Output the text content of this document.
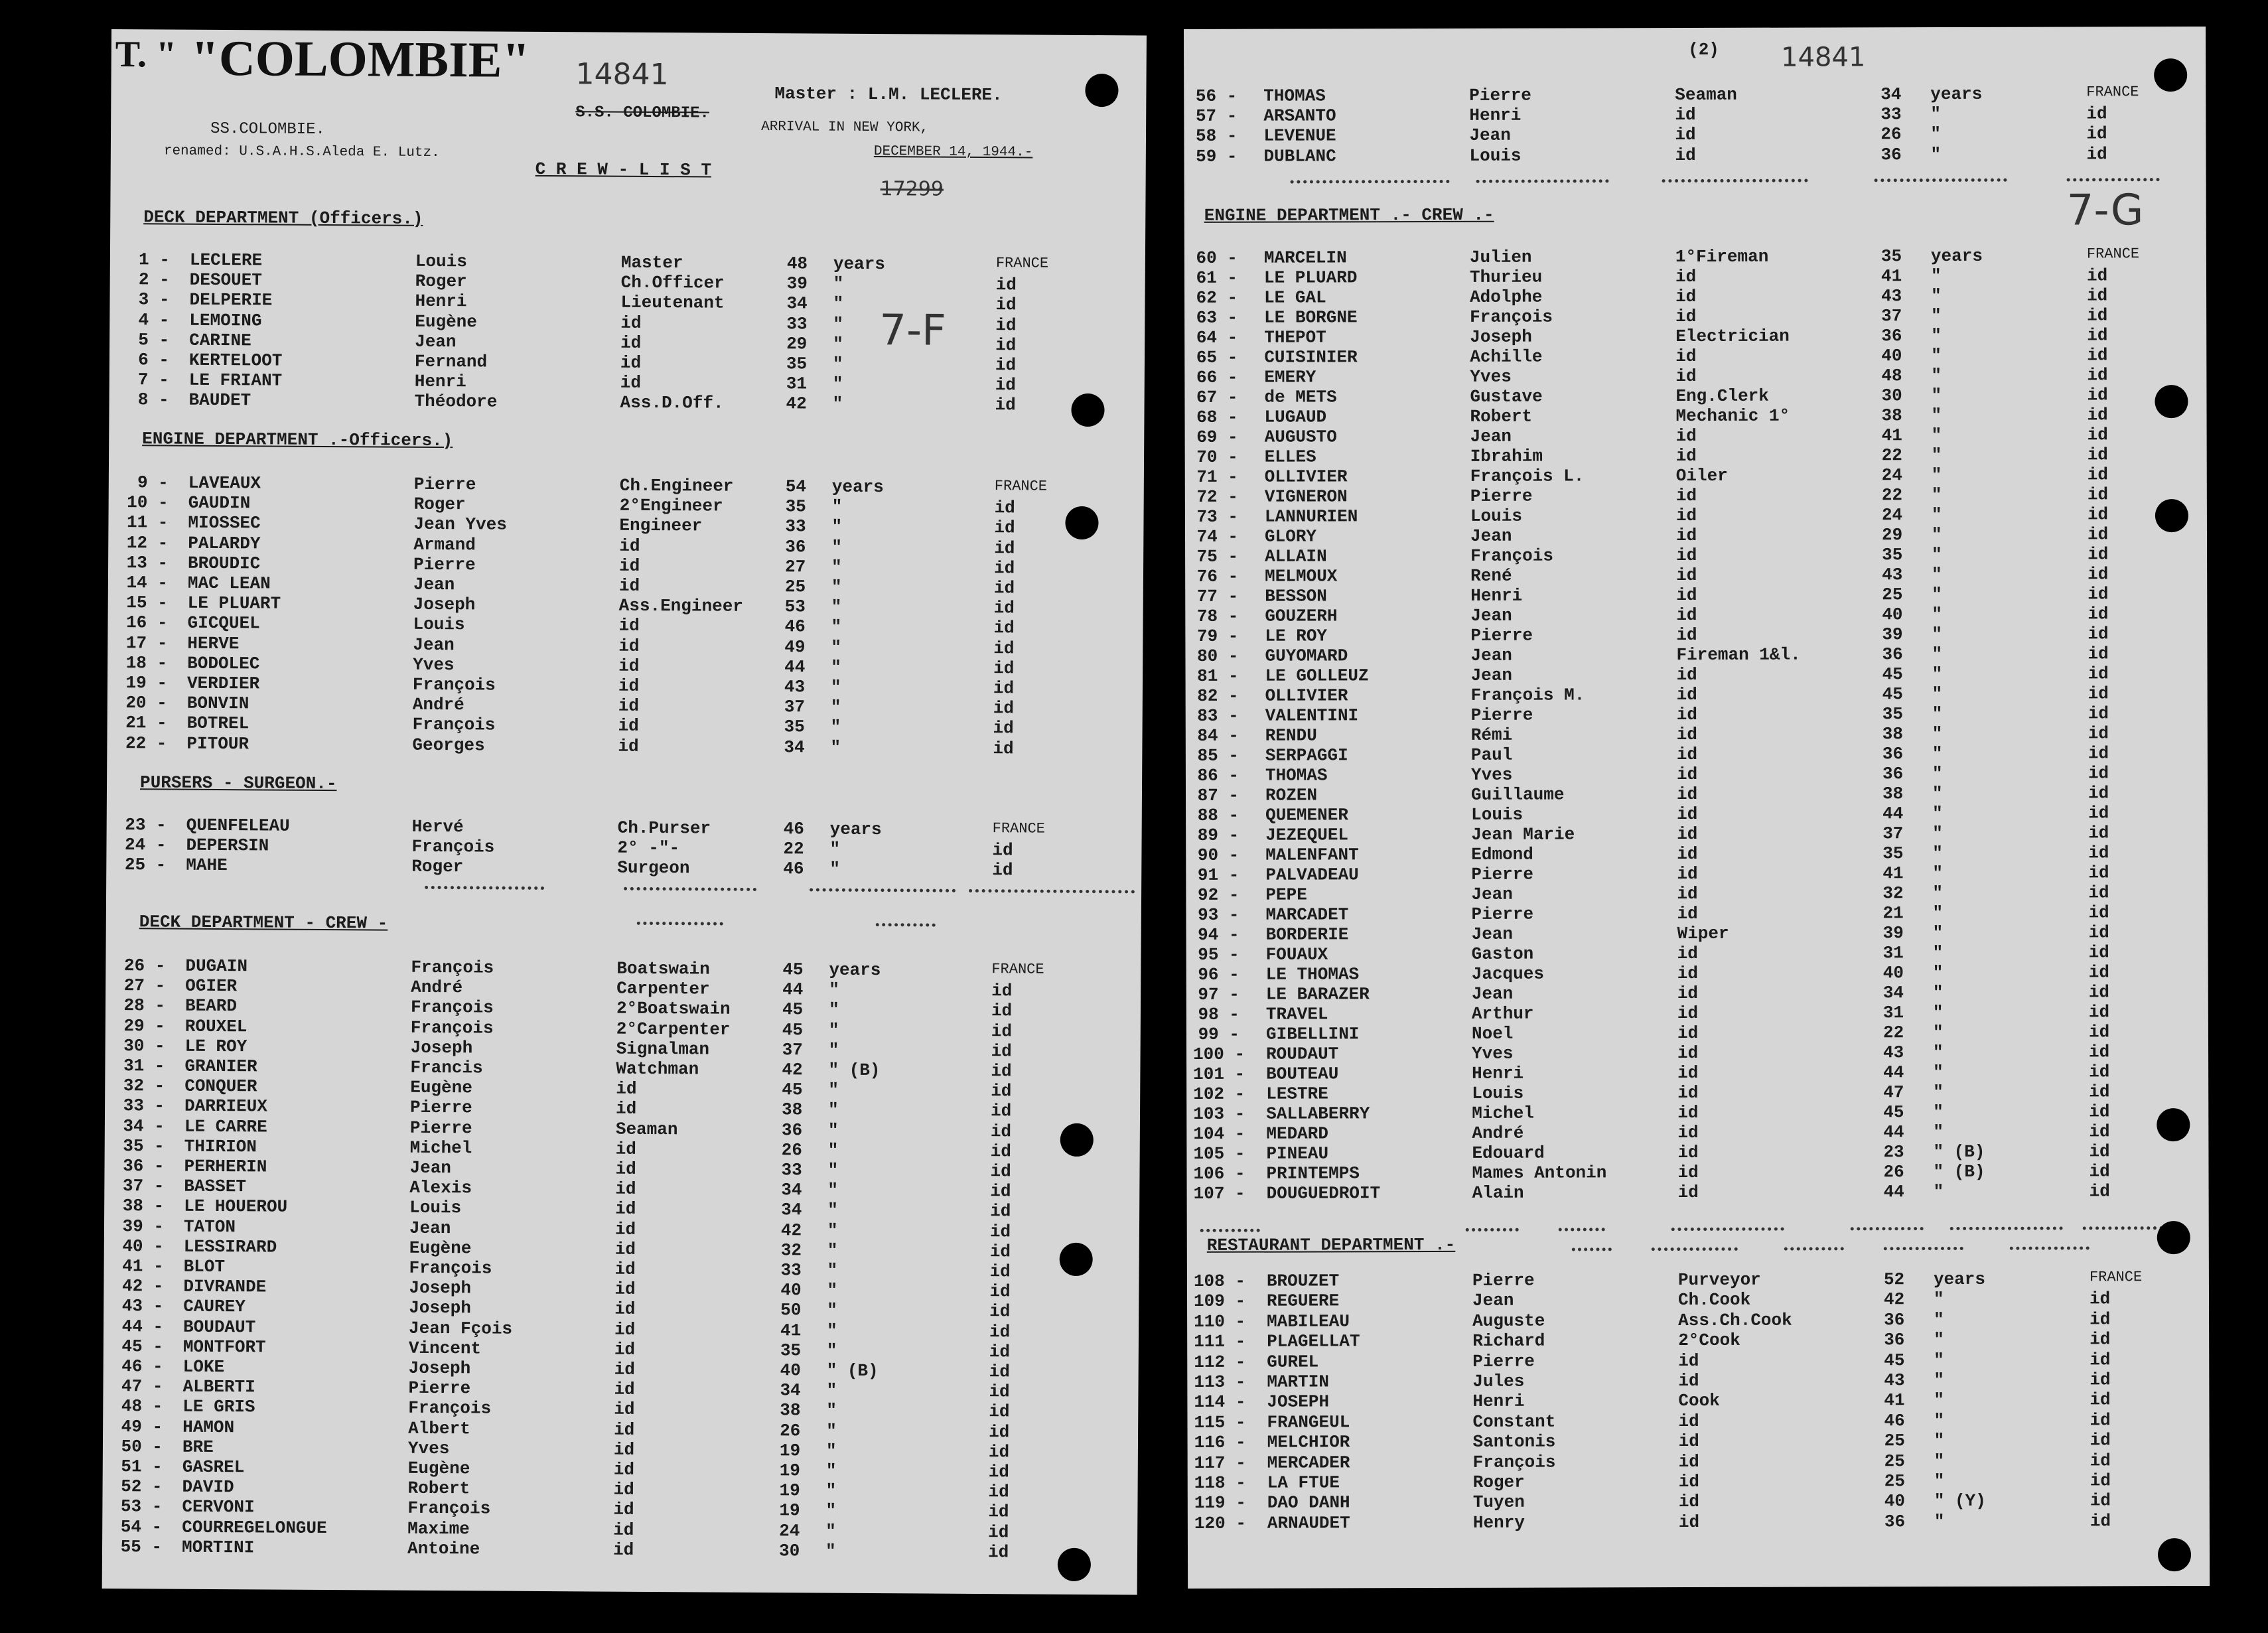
T. " "COLOMBIE" 14841
S.S. COLOMBIE.
SS.COLOMBIE.
renamed: U.S.A.H.S.Aleda E. Lutz.
Master : L.M. LECLERE.
ARRIVAL IN NEW YORK,
DECEMBER 14, 1944.-
C R E W - L I S T
17299
7-F
DECK DEPARTMENT (Officers.)
1 - LECLERE	Louis	Master	48 years	FRANCE
2 - DESOUET	Roger	Ch.Officer	39 "	id
3 - DELPERIE	Henri	Lieutenant	34 "	id
4 - LEMOING	Eugène	id	33 "	id
5 - CARINE	Jean	id	29 "	id
6 - KERTELOOT	Fernand	id	35 "	id
7 - LE FRIANT	Henri	id	31 "	id
8 - BAUDET	Théodore	Ass.D.Off.	42 "	id
ENGINE DEPARTMENT .-Officers.)
9 - LAVEAUX	Pierre	Ch.Engineer	54 years	FRANCE
10 - GAUDIN	Roger	2°Engineer	35 "	id
11 - MIOSSEC	Jean Yves	Engineer	33 "	id
12 - PALARDY	Armand	id	36 "	id
13 - BROUDIC	Pierre	id	27 "	id
14 - MAC LEAN	Jean	id	25 "	id
15 - LE PLUART	Joseph	Ass.Engineer 53 "	id
16 - GICQUEL	Louis	id	46 "	id
17 - HERVE	Jean	id	49 "	id
18 - BODOLEC	Yves	id	44 "	id
19 - VERDIER	François	id	43 "	id
20 - BONVIN	André	id	37 "	id
21 - BOTREL	François	id	35 "	id
22 - PITOUR	Georges	id	34 "	id
PURSERS - SURGEON.-
23 - QUENFELEAU	Hervé	Ch.Purser	46 years	FRANCE
24 - DEPERSIN	François	2° -"-	22 "	id
25 - MAHE	Roger	Surgeon	46 "	id
DECK DEPARTMENT - CREW -
26 - DUGAIN	François	Boatswain	45 years	FRANCE
27 - OGIER	André	Carpenter	44 "	id
28 - BEARD	François	2°Boatswain	45 "	id
29 - ROUXEL	François	2°Carpenter	45 "	id
30 - LE ROY	Joseph	Signalman	37 "	id
31 - GRANIER	Francis	Watchman	42 " (B)	id
32 - CONQUER	Eugène	id	45 "	id
33 - DARRIEUX	Pierre	id	38 "	id
34 - LE CARRE	Pierre	Seaman	36 "	id
35 - THIRION	Michel	id	26 "	id
36 - PERHERIN	Jean	id	33 "	id
37 - BASSET	Alexis	id	34 "	id
38 - LE HOUEROU	Louis	id	34 "	id
39 - TATON	Jean	id	42 "	id
40 - LESSIRARD	Eugène	id	32 "	id
41 - BLOT	François	id	33 "	id
42 - DIVRANDE	Joseph	id	40 "	id
43 - CAUREY	Joseph	id	50 "	id
44 - BOUDAUT	Jean Fçois	id	41 "	id
45 - MONTFORT	Vincent	id	35 "	id
46 - LOKE	Joseph	id	40 " (B)	id
47 - ALBERTI	Pierre	id	34 "	id
48 - LE GRIS	François	id	38 "	id
49 - HAMON	Albert	id	26 "	id
50 - BRE	Yves	id	19 "	id
51 - GASREL	Eugène	id	19 "	id
52 - DAVID	Robert	id	19 "	id
53 - CERVONI	François	id	19 "	id
54 - COURREGELONGUE	Maxime	id	24 "	id
55 - MORTINI	Antoine	id	30 "	id
(2) 14841
7-G
56 - THOMAS	Pierre	Seaman	34 years	FRANCE
57 - ARSANTO	Henri	id	33 "	id
58 - LEVENUE	Jean	id	26 "	id
59 - DUBLANC	Louis	id	36 "	id
ENGINE DEPARTMENT .- CREW .-
60 - MARCELIN	Julien	1°Fireman	35 years	FRANCE
61 - LE PLUARD	Thurieu	id	41 "	id
62 - LE GAL	Adolphe	id	43 "	id
63 - LE BORGNE	François	id	37 "	id
64 - THEPOT	Joseph	Electrician	36 "	id
65 - CUISINIER	Achille	id	40 "	id
66 - EMERY	Yves	id	48 "	id
67 - de METS	Gustave	Eng.Clerk	30 "	id
68 - LUGAUD	Robert	Mechanic 1°	38 "	id
69 - AUGUSTO	Jean	id	41 "	id
70 - ELLES	Ibrahim	id	22 "	id
71 - OLLIVIER	François L.	Oiler	24 "	id
72 - VIGNERON	Pierre	id	22 "	id
73 - LANNURIEN	Louis	id	24 "	id
74 - GLORY	Jean	id	29 "	id
75 - ALLAIN	François	id	35 "	id
76 - MELMOUX	René	id	43 "	id
77 - BESSON	Henri	id	25 "	id
78 - GOUZERH	Jean	id	40 "	id
79 - LE ROY	Pierre	id	39 "	id
80 - GUYOMARD	Jean	Fireman 1&l.	36 "	id
81 - LE GOLLEUZ	Jean	id	45 "	id
82 - OLLIVIER	François M.	id	45 "	id
83 - VALENTINI	Pierre	id	35 "	id
84 - RENDU	Rémi	id	38 "	id
85 - SERPAGGI	Paul	id	36 "	id
86 - THOMAS	Yves	id	36 "	id
87 - ROZEN	Guillaume	id	38 "	id
88 - QUEMENER	Louis	id	44 "	id
89 - JEZEQUEL	Jean Marie	id	37 "	id
90 - MALENFANT	Edmond	id	35 "	id
91 - PALVADEAU	Pierre	id	41 "	id
92 - PEPE	Jean	id	32 "	id
93 - MARCADET	Pierre	id	21 "	id
94 - BORDERIE	Jean	Wiper	39 "	id
95 - FOUAUX	Gaston	id	31 "	id
96 - LE THOMAS	Jacques	id	40 "	id
97 - LE BARAZER	Jean	id	34 "	id
98 - TRAVEL	Arthur	id	31 "	id
99 - GIBELLINI	Noel	id	22 "	id
100 - ROUDAUT	Yves	id	43 "	id
101 - BOUTEAU	Henri	id	44 "	id
102 - LESTRE	Louis	id	47 "	id
103 - SALLABERRY	Michel	id	45 "	id
104 - MEDARD	André	id	44 "	id
105 - PINEAU	Edouard	id	23 " (B)	id
106 - PRINTEMPS	Mames Antonin	id	26 " (B)	id
107 - DOUGUEDROIT	Alain	id	44 "	id
RESTAURANT DEPARTMENT .-
108 - BROUZET	Pierre	Purveyor	52 years	FRANCE
109 - REGUERE	Jean	Ch.Cook	42 "	id
110 - MABILEAU	Auguste	Ass.Ch.Cook	36 "	id
111 - PLAGELLAT	Richard	2°Cook	36 "	id
112 - GUREL	Pierre	id	45 "	id
113 - MARTIN	Jules	id	43 "	id
114 - JOSEPH	Henri	Cook	41 "	id
115 - FRANGEUL	Constant	id	46 "	id
116 - MELCHIOR	Santonis	id	25 "	id
117 - MERCADER	François	id	25 "	id
118 - LA FTUE	Roger	id	25 "	id
119 - DAO DANH	Tuyen	id	40 " (Y)	id
120 - ARNAUDET	Henry	id	36 "	id
